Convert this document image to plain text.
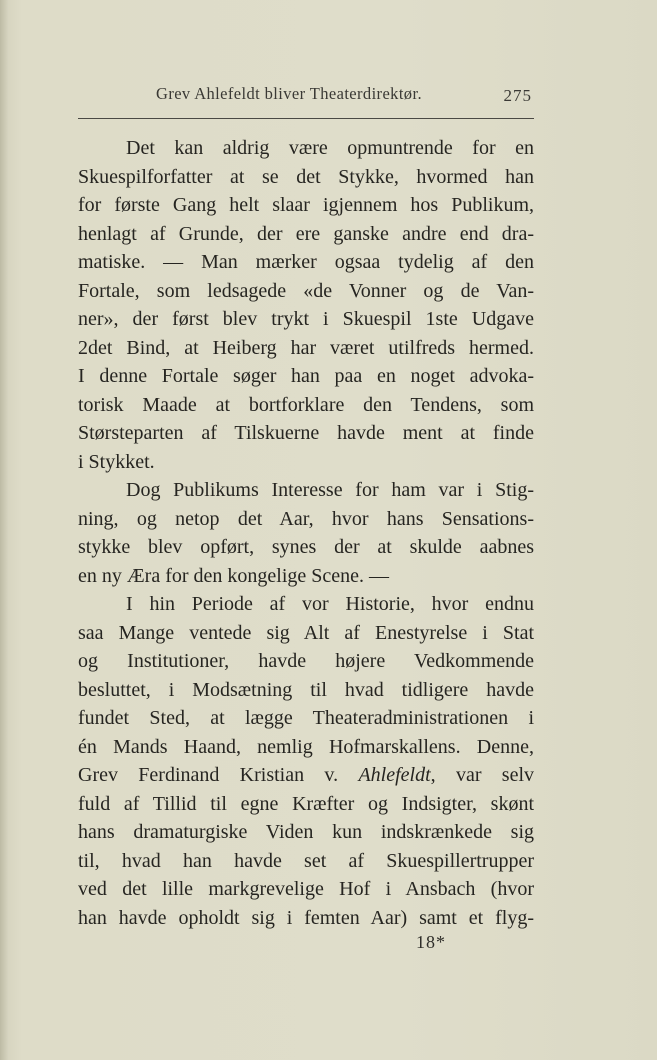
Grev Ahlefeldt bliver Theaterdirektør.	275
Det kan aldrig være opmuntrende for en
Skuespilforfatter at se det Stykke, hvormed han
for første Gang helt slaar igjennem hos Publikum,
henlagt af Grunde, der ere ganske andre end dra-
matiske. — Man mærker ogsaa tydelig af den
Fortale, som ledsagede «de Vonner og de Van-
ner», der først blev trykt i Skuespil 1ste Udgave
2det Bind, at Heiberg har været utilfreds hermed.
I denne Fortale søger han paa en noget advoka-
torisk Maade at bortforklare den Tendens, som
Størsteparten af Tilskuerne havde ment at finde
i Stykket.
Dog Publikums Interesse for ham var i Stig-
ning, og netop det Aar, hvor hans Sensations-
stykke blev opført, synes der at skulde aabnes
en ny Æra for den kongelige Scene. —
I hin Periode af vor Historie, hvor endnu
saa Mange ventede sig Alt af Enestyrelse i Stat
og Institutioner, havde højere Vedkommende
besluttet, i Modsætning til hvad tidligere havde
fundet Sted, at lægge Theateradministrationen i
én Mands Haand, nemlig Hofmarskallens. Denne,
Grev Ferdinand Kristian v. Ahlefeldt, var selv
fuld af Tillid til egne Kræfter og Indsigter, skønt
hans dramaturgiske Viden kun indskrænkede sig
til, hvad han havde set af Skuespillertrupper
ved det lille markgrevelige Hof i Ansbach (hvor
han havde opholdt sig i femten Aar) samt et flyg-
18*
